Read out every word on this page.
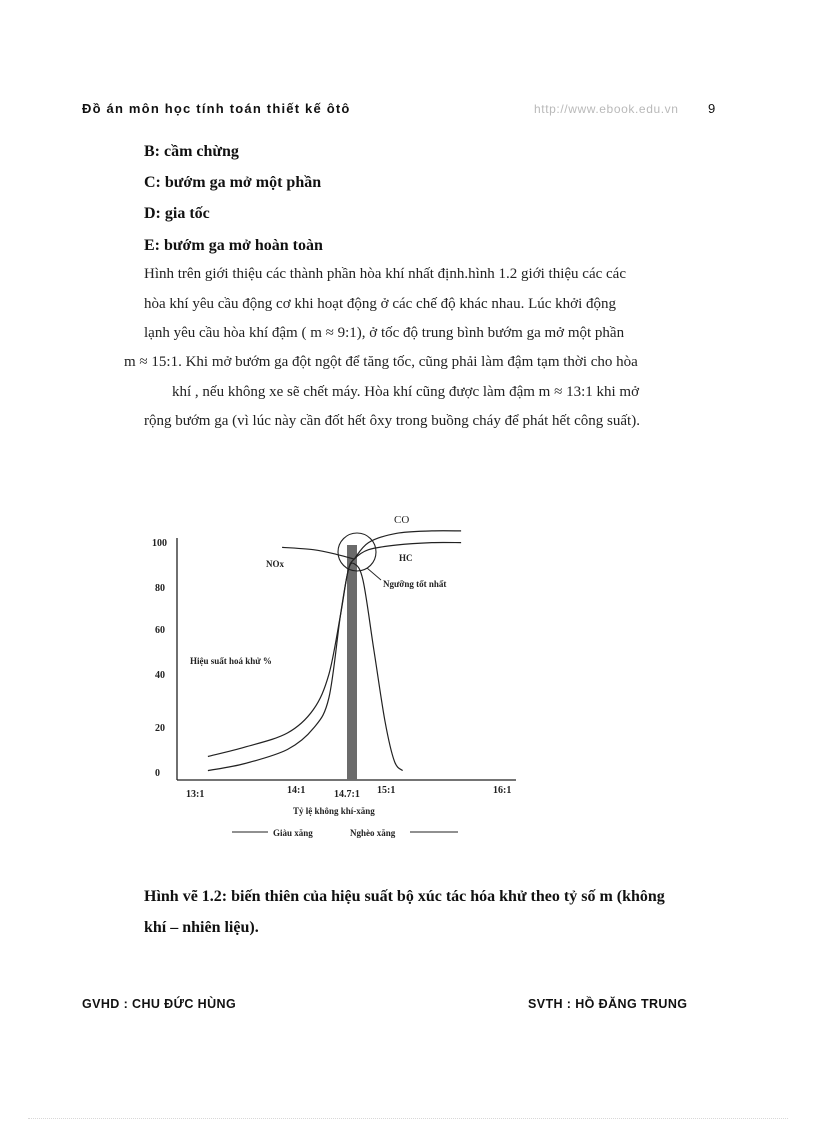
Đồ án môn học tính toán thiết kế ôtô	http://www.ebook.edu.vn 9
B: cầm chừng
C: bướm ga mở một phần
D: gia tốc
E: bướm ga mở hoàn toàn
Hình trên giới thiệu các thành phần hòa khí nhất định.hình 1.2 giới thiệu các các
hòa khí yêu cầu động cơ khi hoạt động ở các chế độ khác nhau. Lúc khởi động
lạnh yêu cầu hòa khí đậm ( m ≈ 9:1), ở tốc độ trung bình bướm ga mở một phần
m ≈ 15:1. Khi mở bướm ga đột ngột để tăng tốc, cũng phải làm đậm tạm thời cho hòa
khí , nếu không xe sẽ chết máy. Hòa khí cũng được làm đậm m ≈ 13:1 khi mở
rộng bướm ga (vì lúc này cần đốt hết ôxy trong buồng cháy để phát hết công suất).
0
20
40
60
80
100
13:1	14:1	14.7:1 15:1	16:1
Tỷ lệ không khí-xăng
Giàu xăng	Nghèo xăng
Hiệu suất hoá khử %
CO
HC
NOx
Ngưỡng tốt nhất
Hình vẽ 1.2: biến thiên của hiệu suất bộ xúc tác hóa khử theo tỷ số m (không
khí – nhiên liệu).
GVHD : CHU ĐỨC HÙNG	SVTH : HỒ ĐĂNG TRUNG
